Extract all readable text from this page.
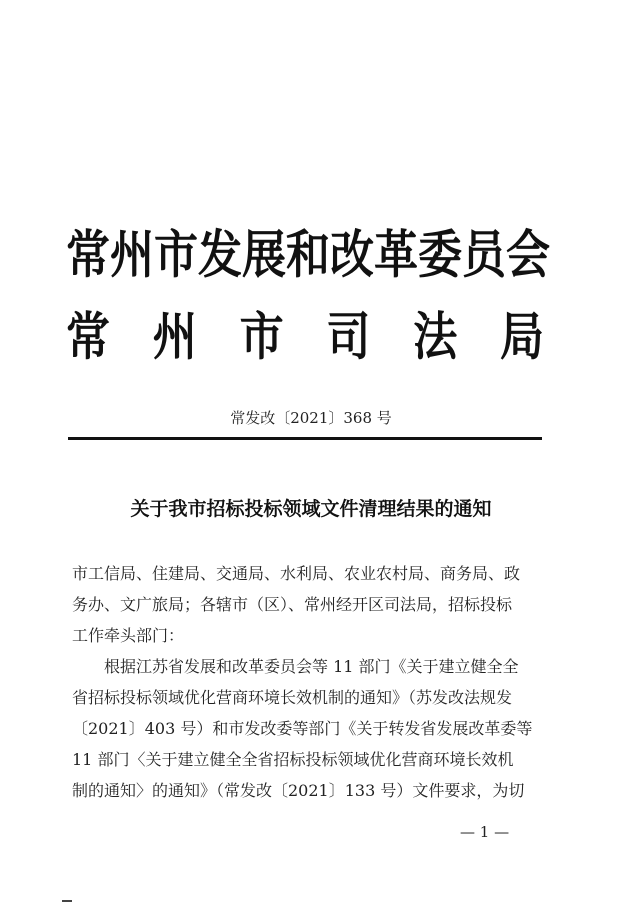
常 州 市 发 展 和 改 革 委 员 会
常 州 市 司 法 局
常发改〔2021〕368 号
关于我市招标投标领域文件清理结果的通知
市工信局、住建局、交通局、水利局、农业农村局、商务局、政
务办、文广旅局；各辖市（区）、常州经开区司法局，招标投标
工作牵头部门：
　　根据江苏省发展和改革委员会等 11 部门《关于建立健全全
省招标投标领域优化营商环境长效机制的通知》（苏发改法规发
〔2021〕403 号）和市发改委等部门《关于转发省发展改革委等
11 部门〈关于建立健全全省招标投标领域优化营商环境长效机
制的通知〉的通知》（常发改〔2021〕133 号）文件要求，为切
— 1 —
